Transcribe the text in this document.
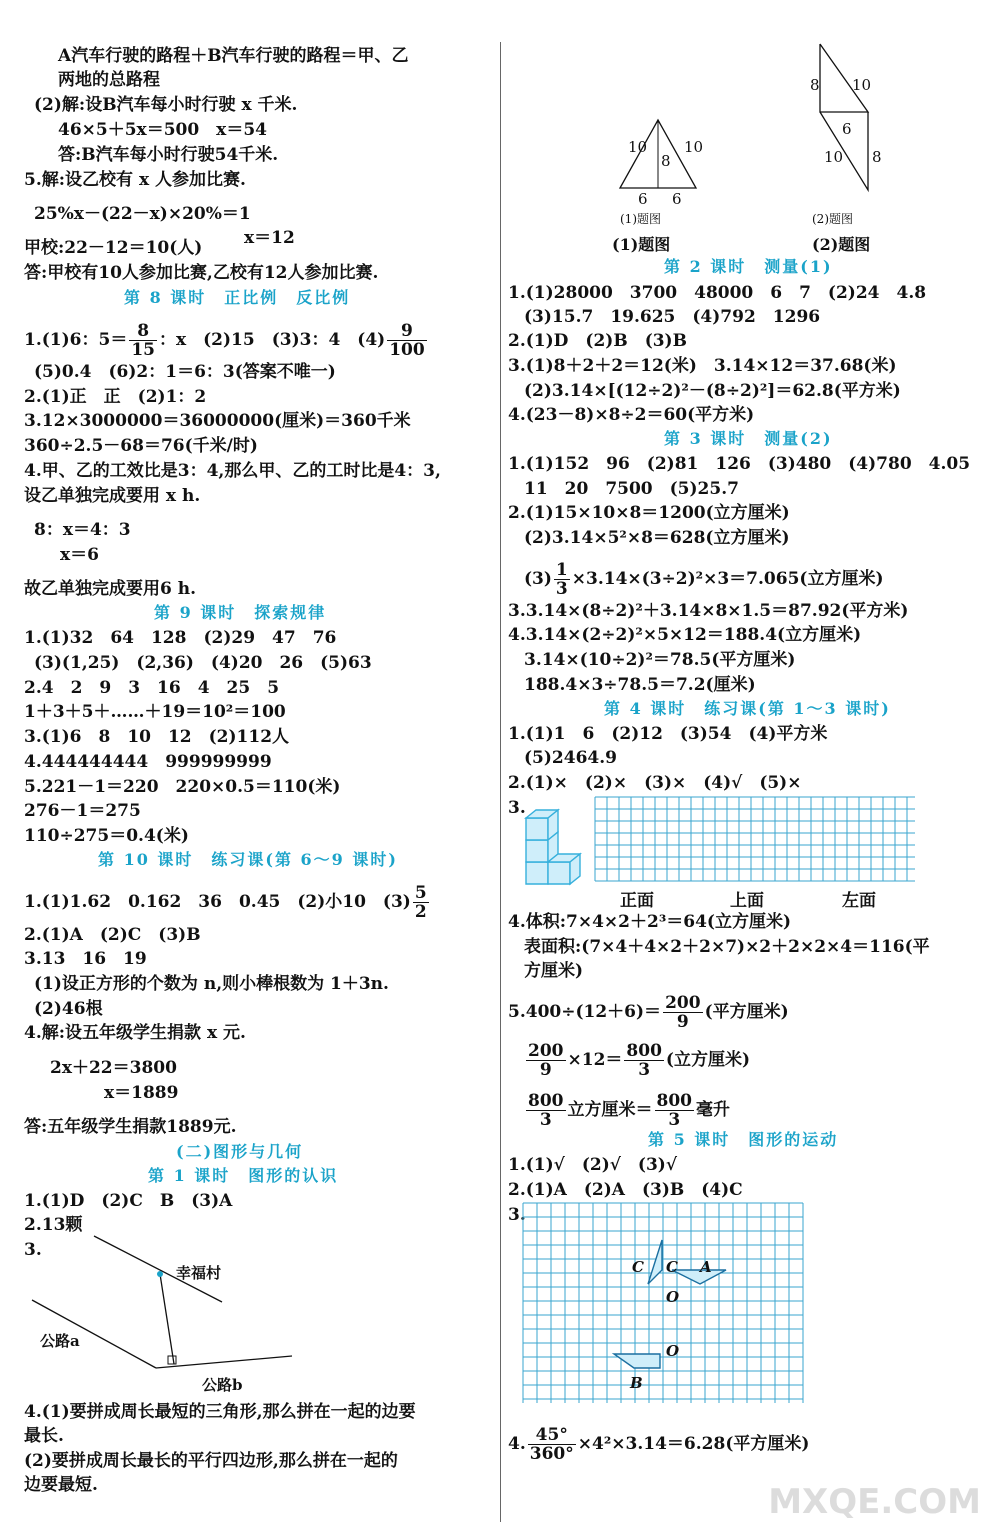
A汽车行驶的路程＋B汽车行驶的路程＝甲、乙
两地的总路程
(2)解:设B汽车每小时行驶 x 千米.
46×5＋5x＝500　x＝54
答:B汽车每小时行驶54千米.
5.解:设乙校有 x 人参加比赛.
25%x－(22－x)×20%＝1
甲校:22－12＝10(人) x＝12
答:甲校有10人参加比赛,乙校有12人参加比赛.
第 8 课时　正比例　反比例
1.(1)6：$5= \frac{8}{15}$ ：x　(2)15　(3)3：4　$(4) \frac{9}{100}$
(5)0.4　(6)2：1＝6：3(答案不唯一)
2.(1)正　正　(2)1：2
3.12×3000000＝36000000(厘米)＝360千米
360÷2.5－68＝76(千米/时)
4.甲、乙的工效比是3：4,那么甲、乙的工时比是4：3,
设乙单独完成要用 x h.
8：x＝4：3
x＝6
故乙单独完成要用6 h.
第 9 课时　探索规律
1.(1)32　64　128　(2)29　47　76
(3)(1,25)　(2,36)　(4)20　26　(5)63
2.4　2　9　3　16　4　25　5
1＋3＋5＋……＋19＝10²＝100
3.(1)6　8　10　12　(2)112人
4.444444444　999999999
5.221－1＝220　220×0.5＝110(米)
276－1＝275
110÷275＝0.4(米)
第 10 课时　练习课(第 6～9 课时)
1.(1)1.62　0.162　36　0.45　(2)小10　$(3) \frac{5}{2}$
2.(1)A　(2)C　(3)B
3.13　16　19
(1)设正方形的个数为 n,则小棒根数为 1＋3n.
(2)46根
4.解:设五年级学生捐款 x 元.
2x＋22＝3800
x＝1889
答:五年级学生捐款1889元.
(二)图形与几何
第 1 课时　图形的认识
1.(1)D　(2)C　B　(3)A
2.13颗
3.
幸福村
公路a
公路b
4.(1)要拼成周长最短的三角形,那么拼在一起的边要
最长.
(2)要拼成周长最长的平行四边形,那么拼在一起的
边要最短.
10 10
8
6 6
8 10
6
10 8
(1)题图	(2)题图
(1)题图	(2)题图
第 2 课时　测量(1)
1.(1)28000　3700　48000　6　7　(2)24　4.8
(3)15.7　19.625　(4)792　1296
2.(1)D　(2)B　(3)B
3.(1)8＋2＋2＝12(米)　3.14×12＝37.68(米)
(2)3.14×[(12÷2)²－(8÷2)²]＝62.8(平方米)
4.(23－8)×8÷2＝60(平方米)
第 3 课时　测量(2)
1.(1)152　96　(2)81　126　(3)480　(4)780　4.05
11　20　7500　(5)25.7
2.(1)15×10×8＝1200(立方厘米)
(2)3.14×5²×8＝628(立方厘米)
$(3) \frac{1}{3} \times 3.14\times(3\div 2)^2\times 3=7.065$(立方厘米)
3.3.14×(8÷2)²＋3.14×8×1.5＝87.92(平方米)
4.3.14×(2÷2)²×5×12＝188.4(立方厘米)
3.14×(10÷2)²＝78.5(平方厘米)
188.4×3÷78.5＝7.2(厘米)
第 4 课时　练习课(第 1～3 课时)
1.(1)1　6　(2)12　(3)54　(4)平方米
(5)2464.9
2.(1)×　(2)×　(3)×　(4)√　(5)×
3.
正面	上面	左面
4.体积:7×4×2＋2³＝64(立方厘米)
表面积:(7×4＋4×2＋2×7)×2＋2×2×4＝116(平
方厘米)
$5.400\div(12+6)= \frac{200}{9}$ (平方厘米)
$\frac{200}{9} \times 12= \frac{800}{3}$ (立方厘米)
$\frac{800}{3}$ 立方厘米＝ $\frac{800}{3}$ 毫升
第 5 课时　图形的运动
1.(1)√　(2)√　(3)√
2.(1)A　(2)A　(3)B　(4)C
3.
C C A
O
O
B
4. $\frac{45^\circ}{360^\circ} \times 4^2\times 3.14=6.28$(平方厘米)
MXQE.COM
